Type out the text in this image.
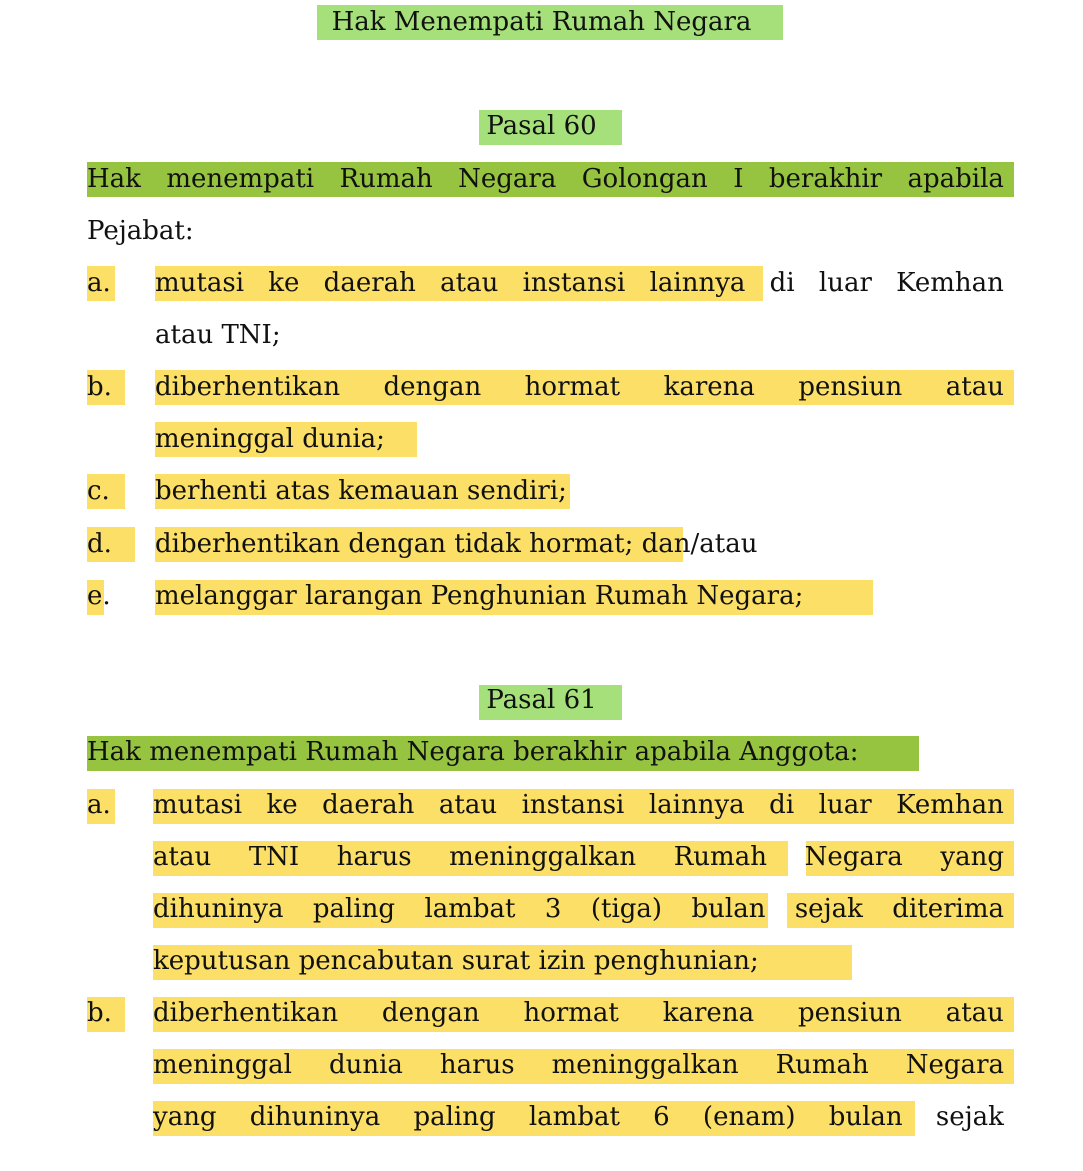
Hak Menempati Rumah Negara
Pasal 60
Hak menempati Rumah Negara Golongan I berakhir apabila
Pejabat:
a. mutasi ke daerah atau instansi lainnya di luar Kemhan
atau TNI;
b. diberhentikan dengan hormat karena pensiun atau
meninggal dunia;
c. berhenti atas kemauan sendiri;
d. diberhentikan dengan tidak hormat; dan/atau
e. melanggar larangan Penghunian Rumah Negara;
Pasal 61
Hak menempati Rumah Negara berakhir apabila Anggota:
a. mutasi ke daerah atau instansi lainnya di luar Kemhan
atau TNI harus meninggalkan Rumah Negara yang
dihuninya paling lambat 3 (tiga) bulan sejak diterima
keputusan pencabutan surat izin penghunian;
b. diberhentikan dengan hormat karena pensiun atau
meninggal dunia harus meninggalkan Rumah Negara
yang dihuninya paling lambat 6 (enam) bulan sejak
